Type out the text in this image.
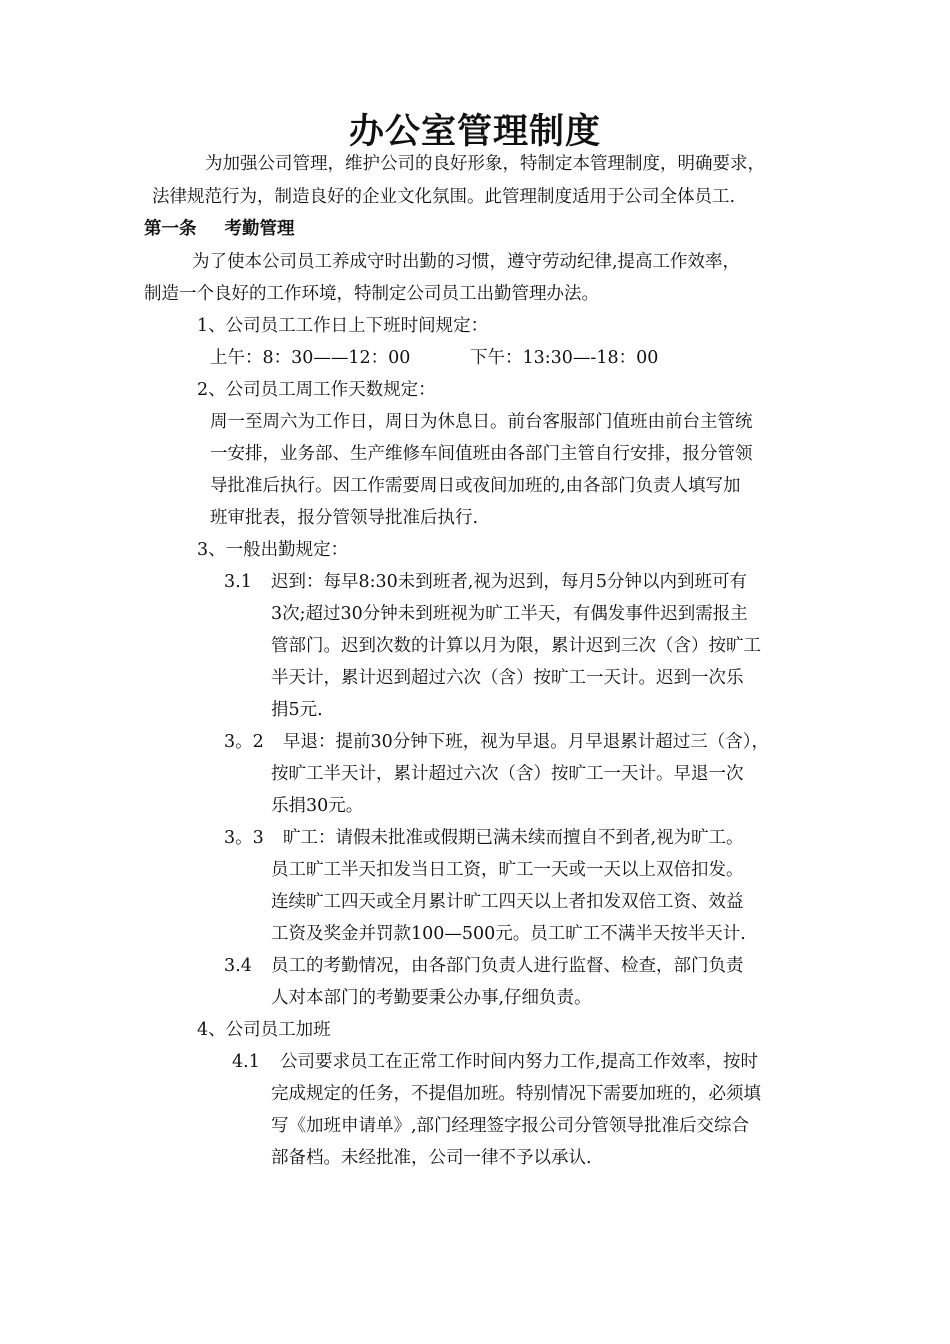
办公室管理制度
为加强公司管理，维护公司的良好形象，特制定本管理制度，明确要求，
法律规范行为，制造良好的企业文化氛围。此管理制度适用于公司全体员工.
第一条 考勤管理
为了使本公司员工养成守时出勤的习惯，遵守劳动纪律,提高工作效率，
制造一个良好的工作环境，特制定公司员工出勤管理办法。
1、公司员工工作日上下班时间规定：
上午：8：30——12：00	下午：13:30—-18：00
2、公司员工周工作天数规定：
周一至周六为工作日，周日为休息日。前台客服部门值班由前台主管统
一安排，业务部、生产维修车间值班由各部门主管自行安排，报分管领
导批准后执行。因工作需要周日或夜间加班的,由各部门负责人填写加
班审批表，报分管领导批准后执行.
3、一般出勤规定：
3.1 迟到：每早8:30未到班者,视为迟到，每月5分钟以内到班可有
3次;超过30分钟未到班视为旷工半天，有偶发事件迟到需报主
管部门。迟到次数的计算以月为限，累计迟到三次（含）按旷工
半天计，累计迟到超过六次（含）按旷工一天计。迟到一次乐
捐5元.
3。2 早退：提前30分钟下班，视为早退。月早退累计超过三（含），
按旷工半天计，累计超过六次（含）按旷工一天计。早退一次
乐捐30元。
3。3 旷工：请假未批准或假期已满未续而擅自不到者,视为旷工。
员工旷工半天扣发当日工资，旷工一天或一天以上双倍扣发。
连续旷工四天或全月累计旷工四天以上者扣发双倍工资、效益
工资及奖金并罚款100—500元。员工旷工不满半天按半天计.
3.4 员工的考勤情况，由各部门负责人进行监督、检查，部门负责
人对本部门的考勤要秉公办事,仔细负责。
4、公司员工加班
4.1 公司要求员工在正常工作时间内努力工作,提高工作效率，按时
完成规定的任务，不提倡加班。特别情况下需要加班的，必须填
写《加班申请单》,部门经理签字报公司分管领导批准后交综合
部备档。未经批准，公司一律不予以承认.
